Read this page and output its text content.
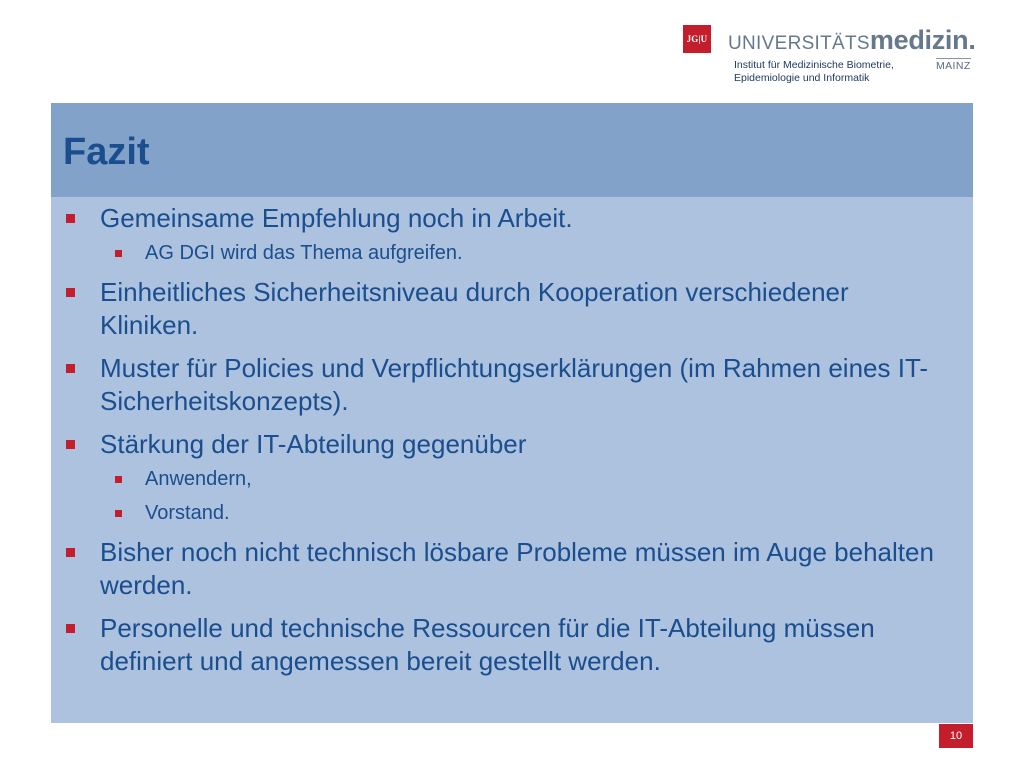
JG|U UNIVERSITÄTSmedizin.
Institut für Medizinische Biometrie,
Epidemiologie und Informatik
MAINZ
Fazit
Gemeinsame Empfehlung noch in Arbeit.
AG DGI wird das Thema aufgreifen.
Einheitliches Sicherheitsniveau durch Kooperation verschiedener Kliniken.
Muster für Policies und Verpflichtungserklärungen (im Rahmen eines IT-Sicherheitskonzepts).
Stärkung der IT-Abteilung gegenüber
Anwendern,
Vorstand.
Bisher noch nicht technisch lösbare Probleme müssen im Auge behalten werden.
Personelle und technische Ressourcen für die IT-Abteilung müssen definiert und angemessen bereit gestellt werden.
10
